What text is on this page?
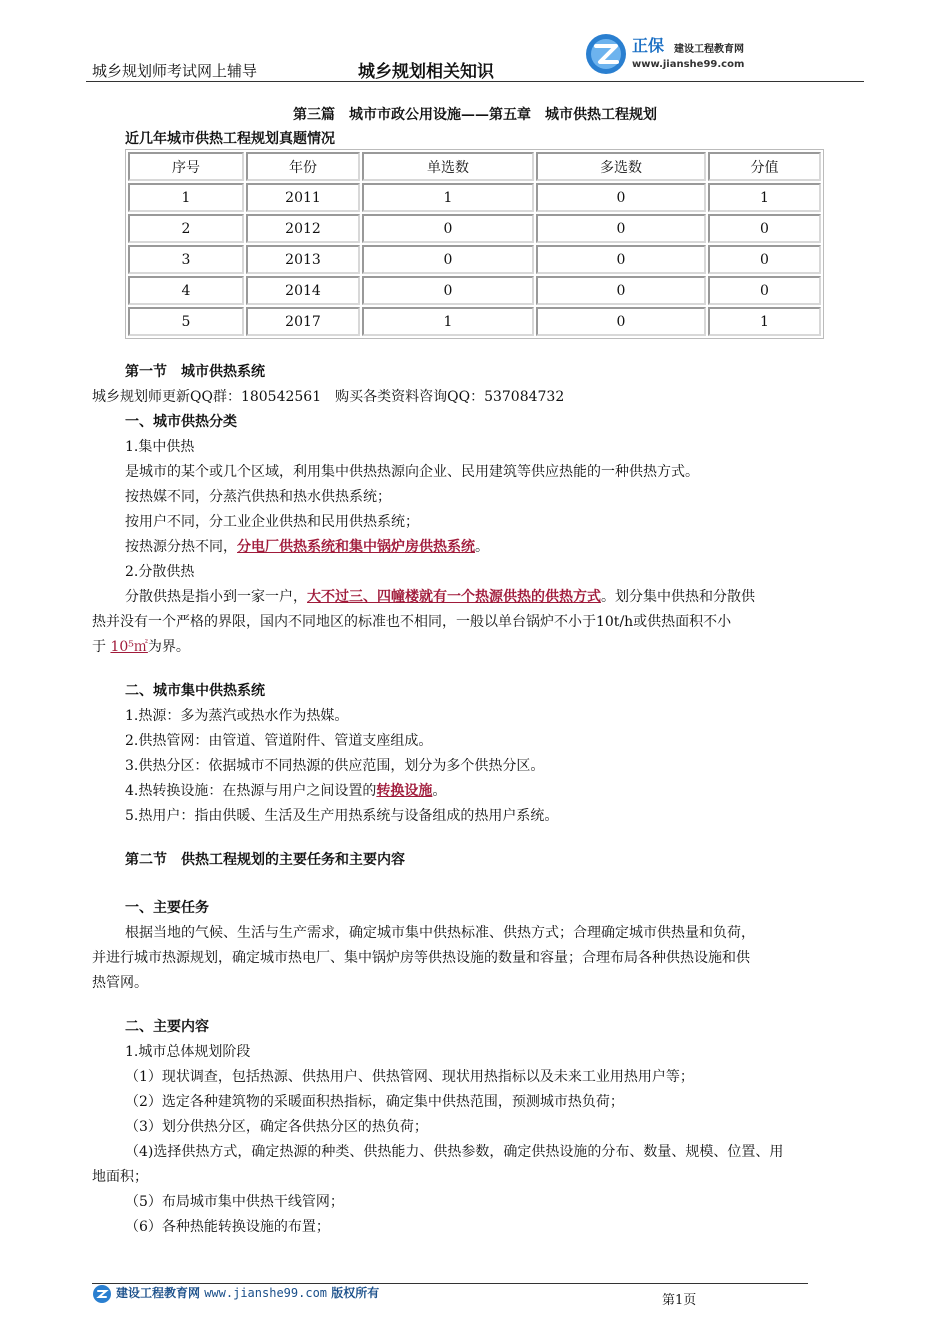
城乡规划师考试网上辅导	城乡规划相关知识
正保 建设工程教育网
www.jianshe99.com
第三篇　城市市政公用设施——第五章　城市供热工程规划
近几年城市供热工程规划真题情况
序号	年份	单选数	多选数	分值
1	2011	1	0	1
2	2012	0	0	0
3	2013	0	0	0
4	2014	0	0	0
5	2017	1	0	1
第一节　城市供热系统
城乡规划师更新QQ群：180542561　购买各类资料咨询QQ：537084732
一、城市供热分类
1.集中供热
是城市的某个或几个区域，利用集中供热热源向企业、民用建筑等供应热能的一种供热方式。
按热媒不同，分蒸汽供热和热水供热系统；
按用户不同，分工业企业供热和民用供热系统；
按热源分热不同，分电厂供热系统和集中锅炉房供热系统。
2.分散供热
分散供热是指小到一家一户，大不过三、四幢楼就有一个热源供热的供热方式。划分集中供热和分散供
热并没有一个严格的界限，国内不同地区的标准也不相同，一般以单台锅炉不小于10t/h或供热面积不小
于 10⁵㎡为界。
二、城市集中供热系统
1.热源：多为蒸汽或热水作为热媒。
2.供热管网：由管道、管道附件、管道支座组成。
3.供热分区：依据城市不同热源的供应范围，划分为多个供热分区。
4.热转换设施：在热源与用户之间设置的转换设施。
5.热用户：指由供暖、生活及生产用热系统与设备组成的热用户系统。
第二节　供热工程规划的主要任务和主要内容
一、主要任务
根据当地的气候、生活与生产需求，确定城市集中供热标准、供热方式；合理确定城市供热量和负荷，
并进行城市热源规划，确定城市热电厂、集中锅炉房等供热设施的数量和容量；合理布局各种供热设施和供
热管网。
二、主要内容
1.城市总体规划阶段
（1）现状调查，包括热源、供热用户、供热管网、现状用热指标以及未来工业用热用户等；
（2）选定各种建筑物的采暖面积热指标，确定集中供热范围，预测城市热负荷；
（3）划分供热分区，确定各供热分区的热负荷；
（4)选择供热方式，确定热源的种类、供热能力、供热参数，确定供热设施的分布、数量、规模、位置、用
地面积；
（5）布局城市集中供热干线管网；
（6）各种热能转换设施的布置；
建设工程教育网 www.jianshe99.com 版权所有	第1页
